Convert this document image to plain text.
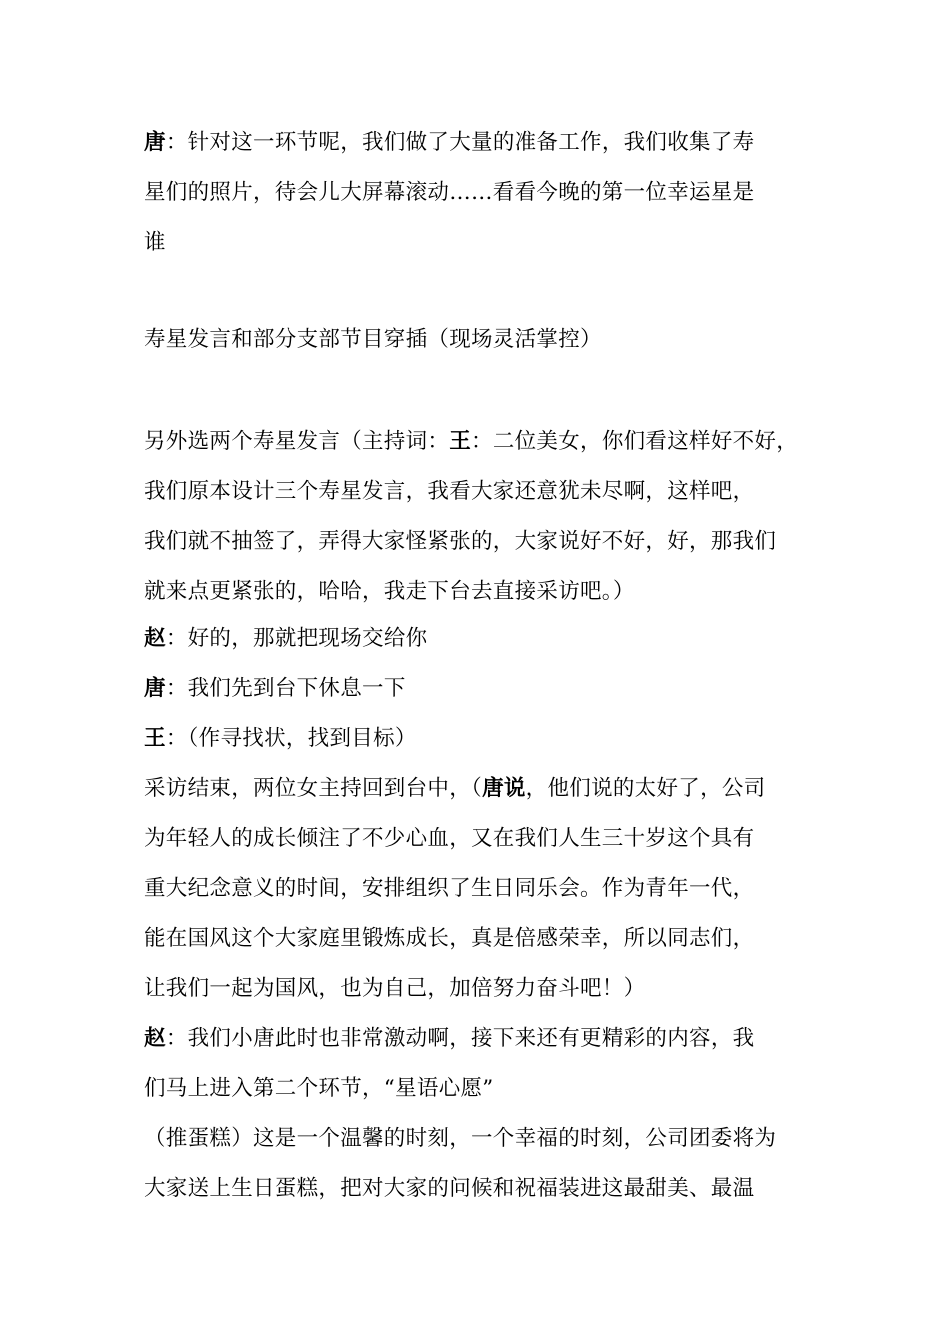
唐：针对这一环节呢，我们做了大量的准备工作，我们收集了寿
星们的照片，待会儿大屏幕滚动……看看今晚的第一位幸运星是
谁
寿星发言和部分支部节目穿插（现场灵活掌控）
另外选两个寿星发言（主持词：王：二位美女，你们看这样好不好，
我们原本设计三个寿星发言，我看大家还意犹未尽啊，这样吧，
我们就不抽签了，弄得大家怪紧张的，大家说好不好，好，那我们
就来点更紧张的，哈哈，我走下台去直接采访吧。）
赵：好的，那就把现场交给你
唐：我们先到台下休息一下
王：（作寻找状，找到目标）
采访结束，两位女主持回到台中，（唐说，他们说的太好了，公司
为年轻人的成长倾注了不少心血，又在我们人生三十岁这个具有
重大纪念意义的时间，安排组织了生日同乐会。作为青年一代，
能在国风这个大家庭里锻炼成长，真是倍感荣幸，所以同志们，
让我们一起为国风，也为自己，加倍努力奋斗吧！）
赵：我们小唐此时也非常激动啊，接下来还有更精彩的内容，我
们马上进入第二个环节，“星语心愿”
（推蛋糕）这是一个温馨的时刻，一个幸福的时刻，公司团委将为
大家送上生日蛋糕，把对大家的问候和祝福装进这最甜美、最温
